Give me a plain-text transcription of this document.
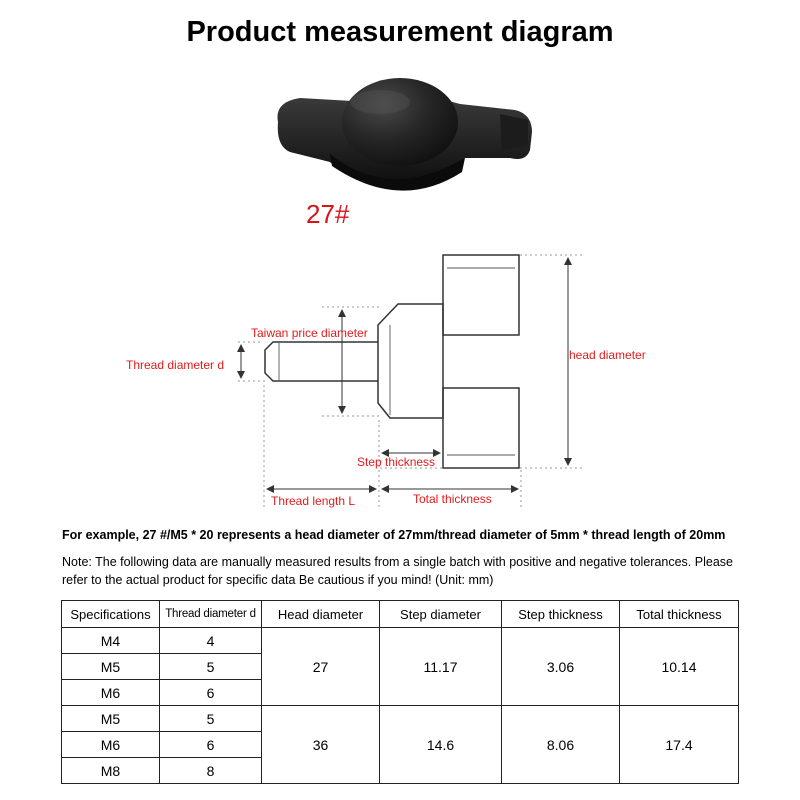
Product measurement diagram
27#
Taiwan price diameter
Thread diameter d
head diameter
Step thickness
Thread length L	Total thickness
For example, 27 #/M5 * 20 represents a head diameter of 27mm/thread diameter of 5mm * thread length of 20mm
Note: The following data are manually measured results from a single batch with positive and negative tolerances. Please refer to the actual product for specific data Be cautious if you mind! (Unit: mm)
Specifications	Thread diameter d	Head diameter	Step diameter	Step thickness	Total thickness
M4	4	27	11.17	3.06	10.14
M5	5				
M6	6				
M5	5	36	14.6	8.06	17.4
M6	6				
M8	8				
